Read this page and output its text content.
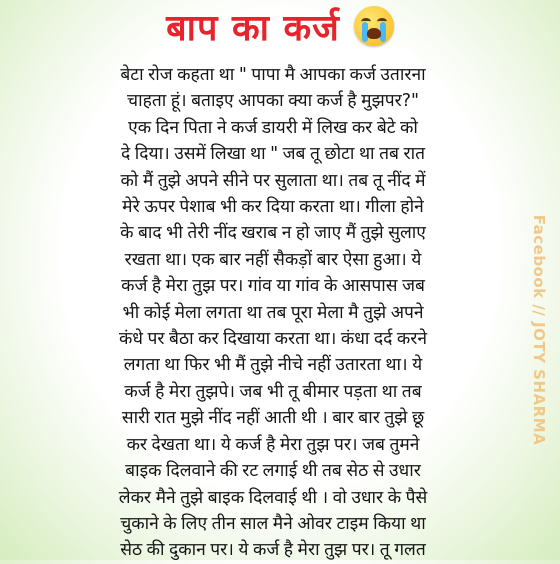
बाप का कर्ज

बेटा रोज कहता था " पापा मै आपका कर्ज उतारना
चाहता हूं। बताइए आपका क्या कर्ज है मुझपर?"
एक दिन पिता ने कर्ज डायरी में लिख कर बेटे को
दे दिया। उसमें लिखा था " जब तू छोटा था तब रात
को मैं तुझे अपने सीने पर सुलाता था। तब तू नींद में
मेरे ऊपर पेशाब भी कर दिया करता था। गीला होने
के बाद भी तेरी नींद खराब न हो जाए मैं तुझे सुलाए
रखता था। एक बार नहीं सैकड़ों बार ऐसा हुआ। ये
कर्ज है मेरा तुझ पर। गांव या गांव के आसपास जब
भी कोई मेला लगता था तब पूरा मेला मै तुझे अपने
कंधे पर बैठा कर दिखाया करता था। कंधा दर्द करने
लगता था फिर भी मैं तुझे नीचे नहीं उतारता था। ये
कर्ज है मेरा तुझपे। जब भी तू बीमार पड़ता था तब
सारी रात मुझे नींद नहीं आती थी । बार बार तुझे छू
कर देखता था। ये कर्ज है मेरा तुझ पर। जब तुमने
बाइक दिलवाने की रट लगाई थी तब सेठ से उधार
लेकर मैने तुझे बाइक दिलवाई थी । वो उधार के पैसे
चुकाने के लिए तीन साल मैने ओवर टाइम किया था
सेठ की दुकान पर। ये कर्ज है मेरा तुझ पर। तू गलत

Facebook // JOTY SHARMA
